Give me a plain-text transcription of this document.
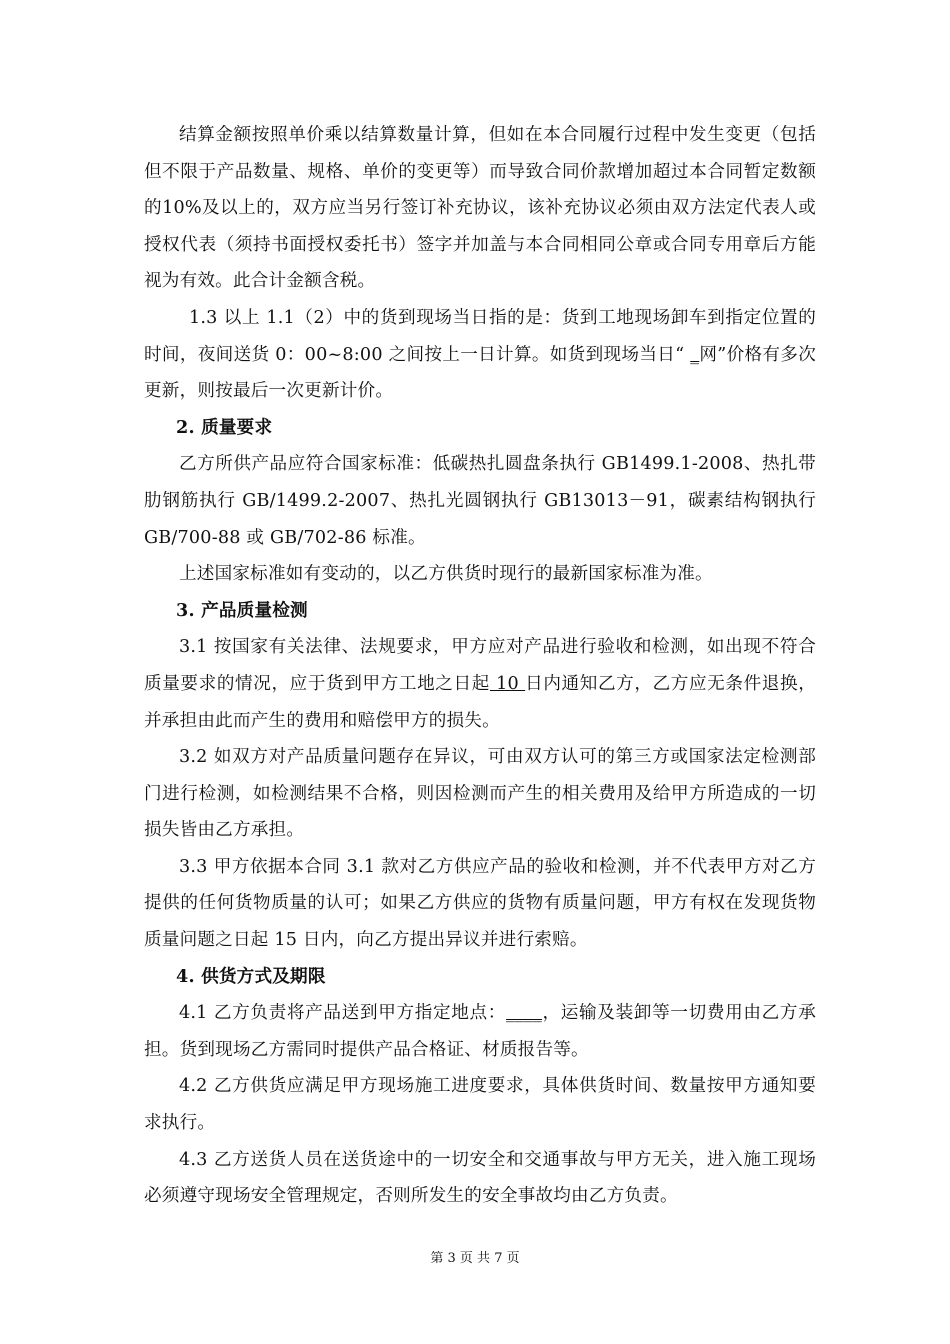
结算金额按照单价乘以结算数量计算，但如在本合同履行过程中发生变更（包括但不限于产品数量、规格、单价的变更等）而导致合同价款增加超过本合同暂定数额的10%及以上的，双方应当另行签订补充协议，该补充协议必须由双方法定代表人或授权代表（须持书面授权委托书）签字并加盖与本合同相同公章或合同专用章后方能视为有效。此合计金额含税。

1.3 以上 1.1（2）中的货到现场当日指的是：货到工地现场卸车到指定位置的时间，夜间送货 0：00~8:00 之间按上一日计算。如货到现场当日“ _网”价格有多次更新，则按最后一次更新计价。

2. 质量要求

乙方所供产品应符合国家标准：低碳热扎圆盘条执行 GB1499.1-2008、热扎带肋钢筋执行 GB/1499.2-2007、热扎光圆钢执行 GB13013－91，碳素结构钢执行 GB/700-88 或 GB/702-86 标准。

上述国家标准如有变动的，以乙方供货时现行的最新国家标准为准。

3. 产品质量检测

3.1 按国家有关法律、法规要求，甲方应对产品进行验收和检测，如出现不符合质量要求的情况，应于货到甲方工地之日起 10 日内通知乙方，乙方应无条件退换，并承担由此而产生的费用和赔偿甲方的损失。

3.2 如双方对产品质量问题存在异议，可由双方认可的第三方或国家法定检测部门进行检测，如检测结果不合格，则因检测而产生的相关费用及给甲方所造成的一切损失皆由乙方承担。

3.3 甲方依据本合同 3.1 款对乙方供应产品的验收和检测，并不代表甲方对乙方提供的任何货物质量的认可；如果乙方供应的货物有质量问题，甲方有权在发现货物质量问题之日起 15 日内，向乙方提出异议并进行索赔。

4. 供货方式及期限

4.1 乙方负责将产品送到甲方指定地点：____，运输及装卸等一切费用由乙方承担。货到现场乙方需同时提供产品合格证、材质报告等。

4.2 乙方供货应满足甲方现场施工进度要求，具体供货时间、数量按甲方通知要求执行。

4.3 乙方送货人员在送货途中的一切安全和交通事故与甲方无关，进入施工现场必须遵守现场安全管理规定，否则所发生的安全事故均由乙方负责。

第 3 页 共 7 页
